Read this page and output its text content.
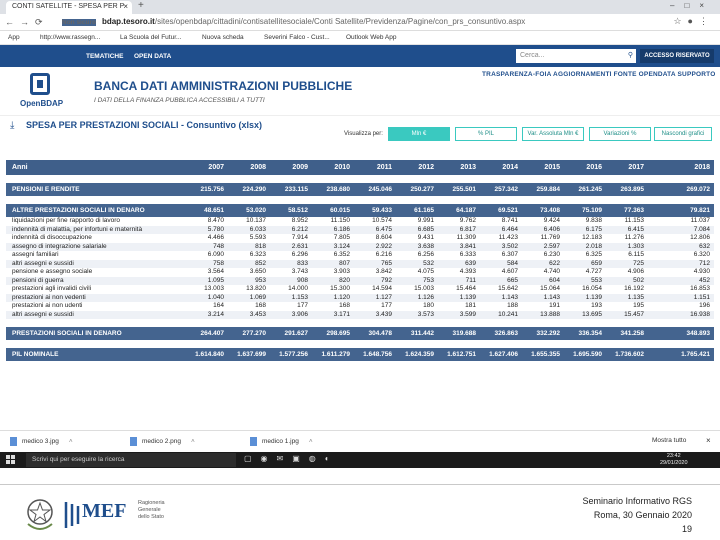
CONTI SATELLITE - SPESA PER P × +	–□×
←→⟳ Non sicuro bdap.tesoro.it/sites/openbdap/cittadini/contisatellitesociale/Conti Satellite/Previdenza/Pagine/con_prs_consuntivo.aspx	☆●⋮
App	http://www.rassegn...	La Scuola del Futur...	Nuova scheda	Severini Falco - Cust...	Outlook Web App
TEMATICHE OPEN DATA	Cerca...	⚲	ACCESSO RISERVATO
OpenBDAP
BANCA DATI AMMINISTRAZIONI PUBBLICHE
I DATI DELLA FINANZA PUBBLICA ACCESSIBILI A TUTTI
TRASPARENZA-FOIA AGGIORNAMENTI FONTE OPENDATA SUPPORTO
⤓ SPESA PER PRESTAZIONI SOCIALI - Consuntivo (xlsx)
Visualizza per:	Mln €	% PIL	Var. Assoluta Mln €	Variazioni %	Nascondi grafici
Anni	2007	2008	2009	2010	2011	2012	2013	2014	2015	2016	2017	2018
PENSIONI E RENDITE	215.756	224.290	233.115	238.680	245.046	250.277	255.501	257.342	259.884	261.245	263.895	269.072
ALTRE PRESTAZIONI SOCIALI IN DENARO	48.651	53.020	58.512	60.015	59.433	61.165	64.187	69.521	73.408	75.109	77.363	79.821
liquidazioni per fine rapporto di lavoro	8.470	10.137	8.952	11.150	10.574	9.991	9.762	8.741	9.424	9.838	11.153	11.037
indennità di malattia, per infortuni e maternità	5.780	6.033	6.212	6.186	6.475	6.685	6.817	6.464	6.406	6.175	6.415	7.084
indennità di disoccupazione	4.466	5.593	7.914	7.805	8.604	9.431	11.309	11.423	11.769	12.183	11.276	12.806
assegno di integrazione salariale	748	818	2.631	3.124	2.922	3.638	3.841	3.502	2.597	2.018	1.303	632
assegni familiari	6.090	6.323	6.296	6.352	6.216	6.256	6.333	6.307	6.230	6.325	6.115	6.320
altri assegni e sussidi	758	852	833	807	765	532	639	584	622	659	725	712
pensione e assegno sociale	3.564	3.650	3.743	3.903	3.842	4.075	4.393	4.607	4.740	4.727	4.906	4.930
pensioni di guerra	1.095	953	908	820	792	753	711	665	604	553	502	452
prestazioni agli invalidi civili	13.003	13.820	14.000	15.300	14.594	15.003	15.464	15.642	15.064	16.054	16.192	16.853
prestazioni ai non vedenti	1.040	1.069	1.153	1.120	1.127	1.126	1.139	1.143	1.143	1.139	1.135	1.151
prestazioni ai non udenti	164	168	177	168	177	180	181	188	191	193	195	196
altri assegni e sussidi	3.214	3.453	3.906	3.171	3.439	3.573	3.599	10.241	13.888	13.695	15.457	16.938
PRESTAZIONI SOCIALI IN DENARO	264.407	277.270	291.627	298.695	304.478	311.442	319.688	326.863	332.292	336.354	341.258	348.893
PIL NOMINALE	1.614.840	1.637.699	1.577.256	1.611.279	1.648.756	1.624.359	1.612.751	1.627.406	1.655.355	1.695.590	1.736.602	1.765.421
medico 3.jpg ˄	medico 2.png ˄	medico 1.jpg ˄	Mostra tutto ×
Scrivi qui per eseguire la ricerca	▢◉✉▣◍◐	23:42
29/01/2020
MEF Ragioneria Generale dello Stato
Seminario Informativo RGS
Roma, 30 Gennaio 2020
19
